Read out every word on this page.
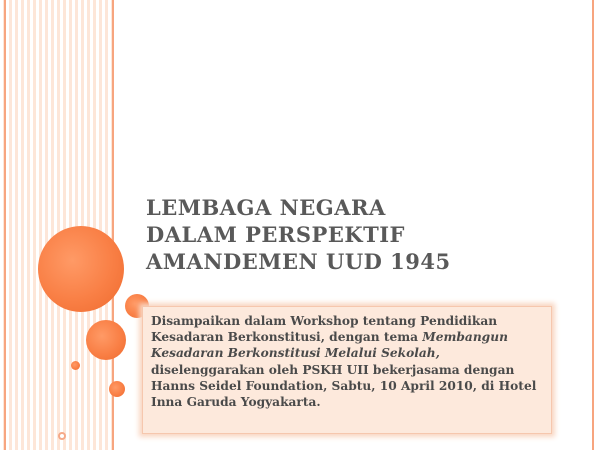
LEMBAGA NEGARA
DALAM PERSPEKTIF
AMANDEMEN UUD 1945
Disampaikan dalam Workshop tentang Pendidikan Kesadaran Berkonstitusi, dengan tema Membangun Kesadaran Berkonstitusi Melalui Sekolah, diselenggarakan oleh PSKH UII bekerjasama dengan Hanns Seidel Foundation, Sabtu, 10 April 2010, di Hotel Inna Garuda Yogyakarta.
